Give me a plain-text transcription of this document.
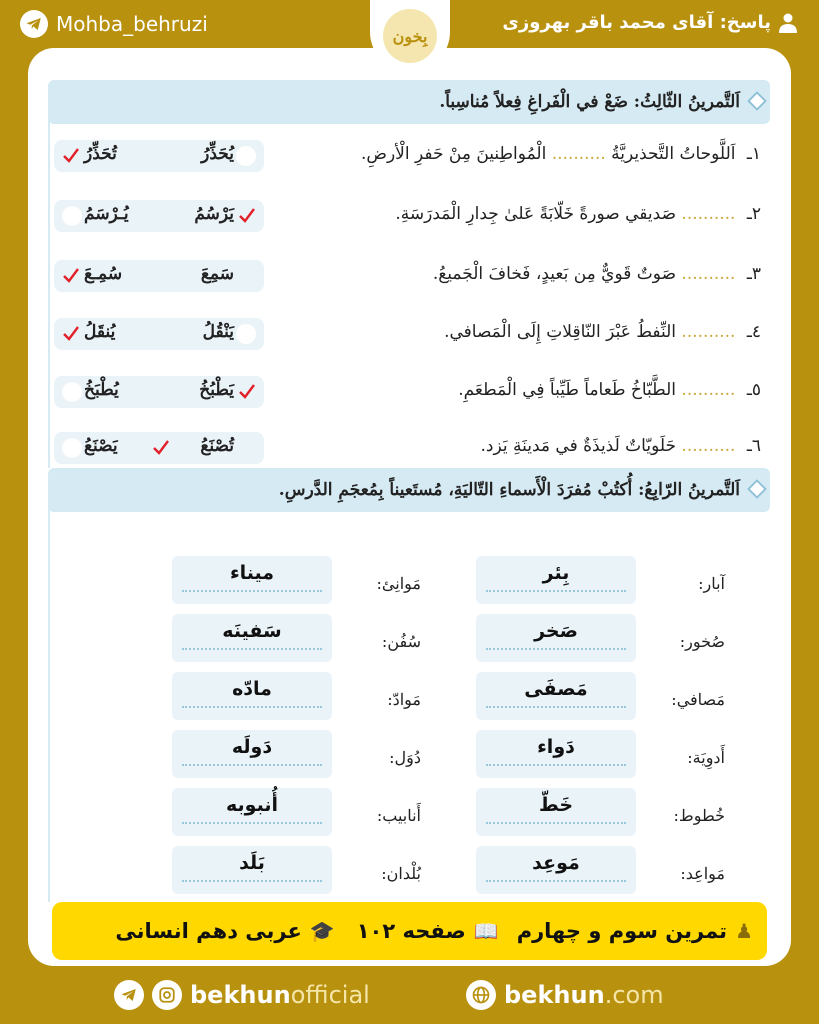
Mohba_behruzi	پاسخ: آقای محمد باقر بهروزی
اَلتَّمرينُ الثّالِثُ: ضَعْ في الْفَراغِ فِعلاً مُناسِباً.
١ـ اَللَّوحاتُ التَّحذيريَّةُ .......... الْمُواطِنينَ مِنْ حَفرِ الْأرضِ.
يُحَذِّرُ
تُحَذِّرُ
٢ـ .......... صَديقي صورةً خَلّابَةً عَلىٰ جِدارِ الْمَدرَسَةِ.
يَرْسُمُ
يُـرْسَمُ
٣ـ .......... صَوتٌ قَويٌّ مِن بَعيدٍ، فَخافَ الْجَميعُ.
سَمِعَ
سُمِـعَ
٤ـ .......... النِّفطُ عَبْرَ النّاقِلاتِ إِلَى الْمَصافي.
يَنْقُلُ
يُنقَلُ
٥ـ .......... الطَّبّاخُ طَعاماً طَيِّباً فِي الْمَطعَمِ.
يَطْبُخُ
يُطْبَخُ
٦ـ .......... حَلَويّاتٌ لَذيذَةٌ في مَدينَةِ يَزد.
تُصْنَعُ
يَصْنَعُ
اَلتَّمرينُ الرّابِعُ: أُكتُبْ مُفرَدَ الْأَسماءِ التّاليَةِ، مُستَعيناً بِمُعجَمِ الدَّرسِ.
آبار:
بِئر
صُخور:
صَخر
مَصافي:
مَصفَى
أَدوِيَة:
دَواء
خُطوط:
خَطّ
مَواعِد:
مَوعِد
مَوانِئ:
میناء
سُفُن:
سَفینَه
مَوادّ:
مادّه
دُوَل:
دَولَه
أَنابيب:
أُنبوبه
بُلْدان:
بَلَد
بِخون
♟
تمرین سوم و چهارم
📖
صفحه ۱۰۲
🎓
عربی دهم انسانی
bekhunofficial	bekhun.com
